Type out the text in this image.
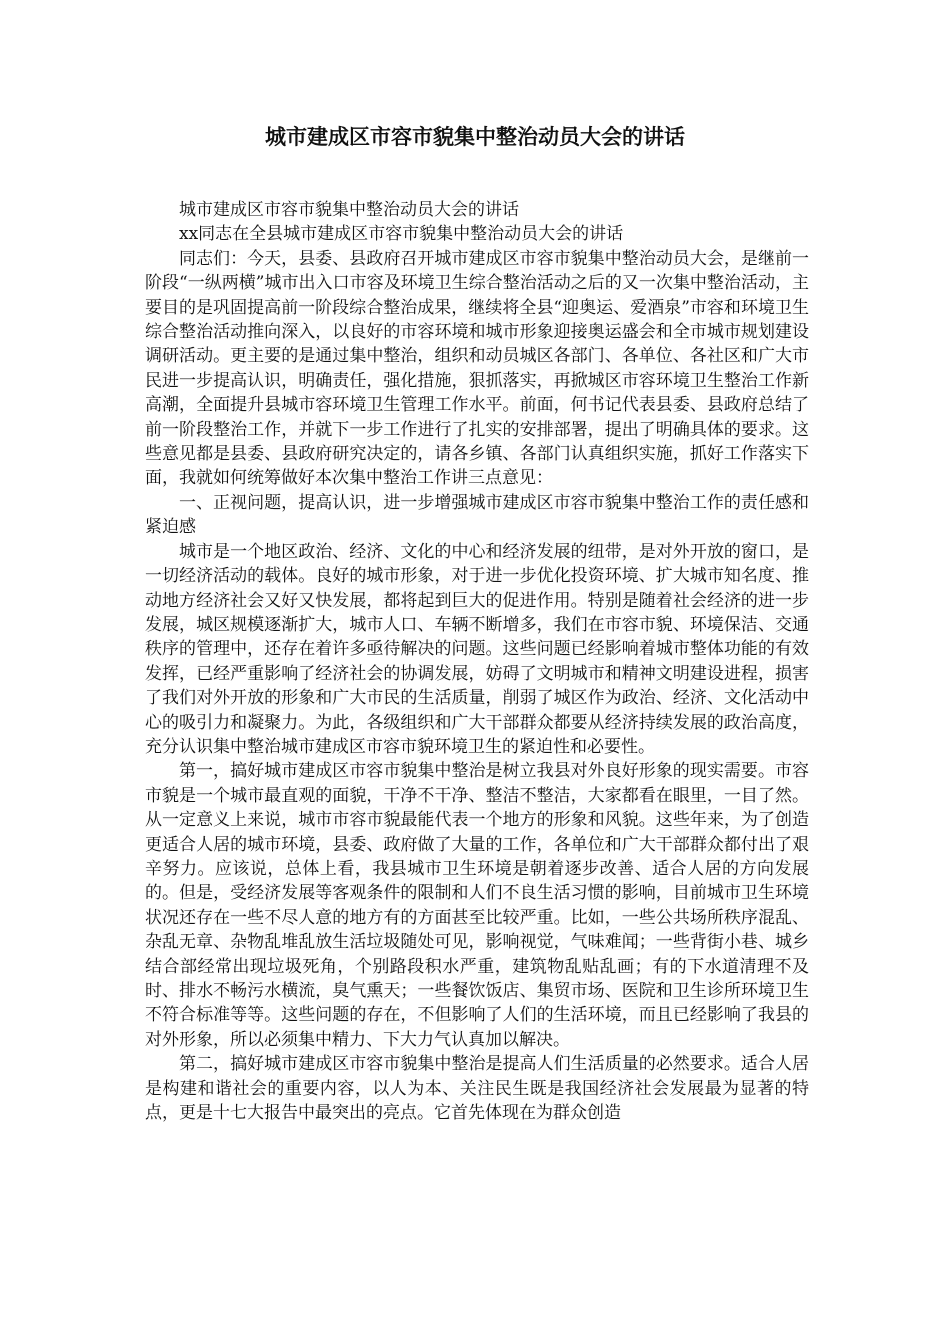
城市建成区市容市貌集中整治动员大会的讲话

城市建成区市容市貌集中整治动员大会的讲话

xx同志在全县城市建成区市容市貌集中整治动员大会的讲话

同志们：今天，县委、县政府召开城市建成区市容市貌集中整治动员大会，是继前一阶段“一纵两横”城市出入口市容及环境卫生综合整治活动之后的又一次集中整治活动，主要目的是巩固提高前一阶段综合整治成果，继续将全县“迎奥运、爱酒泉”市容和环境卫生综合整治活动推向深入，以良好的市容环境和城市形象迎接奥运盛会和全市城市规划建设调研活动。更主要的是通过集中整治，组织和动员城区各部门、各单位、各社区和广大市民进一步提高认识，明确责任，强化措施，狠抓落实，再掀城区市容环境卫生整治工作新高潮，全面提升县城市容环境卫生管理工作水平。前面，何书记代表县委、县政府总结了前一阶段整治工作，并就下一步工作进行了扎实的安排部署，提出了明确具体的要求。这些意见都是县委、县政府研究决定的，请各乡镇、各部门认真组织实施，抓好工作落实下面，我就如何统筹做好本次集中整治工作讲三点意见：

一、正视问题，提高认识，进一步增强城市建成区市容市貌集中整治工作的责任感和紧迫感

城市是一个地区政治、经济、文化的中心和经济发展的纽带，是对外开放的窗口，是一切经济活动的载体。良好的城市形象，对于进一步优化投资环境、扩大城市知名度、推动地方经济社会又好又快发展，都将起到巨大的促进作用。特别是随着社会经济的进一步发展，城区规模逐渐扩大，城市人口、车辆不断增多，我们在市容市貌、环境保洁、交通秩序的管理中，还存在着许多亟待解决的问题。这些问题已经影响着城市整体功能的有效发挥，已经严重影响了经济社会的协调发展，妨碍了文明城市和精神文明建设进程，损害了我们对外开放的形象和广大市民的生活质量，削弱了城区作为政治、经济、文化活动中心的吸引力和凝聚力。为此，各级组织和广大干部群众都要从经济持续发展的政治高度，充分认识集中整治城市建成区市容市貌环境卫生的紧迫性和必要性。

第一，搞好城市建成区市容市貌集中整治是树立我县对外良好形象的现实需要。市容市貌是一个城市最直观的面貌，干净不干净、整洁不整洁，大家都看在眼里，一目了然。从一定意义上来说，城市市容市貌最能代表一个地方的形象和风貌。这些年来，为了创造更适合人居的城市环境，县委、政府做了大量的工作，各单位和广大干部群众都付出了艰辛努力。应该说，总体上看，我县城市卫生环境是朝着逐步改善、适合人居的方向发展的。但是，受经济发展等客观条件的限制和人们不良生活习惯的影响，目前城市卫生环境状况还存在一些不尽人意的地方有的方面甚至比较严重。比如，一些公共场所秩序混乱、杂乱无章、杂物乱堆乱放生活垃圾随处可见，影响视觉，气味难闻；一些背街小巷、城乡结合部经常出现垃圾死角，个别路段积水严重，建筑物乱贴乱画；有的下水道清理不及时、排水不畅污水横流，臭气熏天；一些餐饮饭店、集贸市场、医院和卫生诊所环境卫生不符合标准等等。这些问题的存在，不但影响了人们的生活环境，而且已经影响了我县的对外形象，所以必须集中精力、下大力气认真加以解决。

第二，搞好城市建成区市容市貌集中整治是提高人们生活质量的必然要求。适合人居是构建和谐社会的重要内容，以人为本、关注民生既是我国经济社会发展最为显著的特点，更是十七大报告中最突出的亮点。它首先体现在为群众创造
